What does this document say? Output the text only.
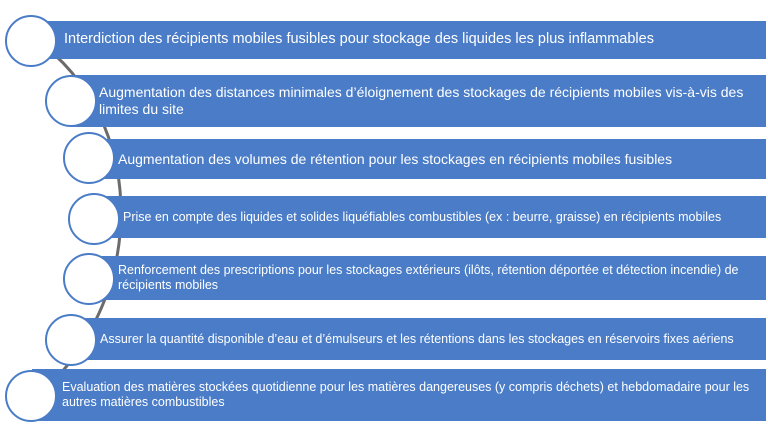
Interdiction des récipients mobiles fusibles pour stockage des liquides les plus inflammables
Augmentation des distances minimales d’éloignement des stockages de récipients mobiles vis-à-vis des limites du site
Augmentation des volumes de rétention pour les stockages en récipients mobiles fusibles
Prise en compte des liquides et solides liquéfiables combustibles (ex : beurre, graisse) en récipients mobiles
Renforcement des prescriptions pour les stockages extérieurs (ilôts, rétention déportée et détection incendie) de récipients mobiles
Assurer la quantité disponible d’eau et d’émulseurs et les rétentions dans les stockages en réservoirs fixes aériens
Evaluation des matières stockées quotidienne pour les matières dangereuses (y compris déchets) et hebdomadaire pour les autres matières combustibles
